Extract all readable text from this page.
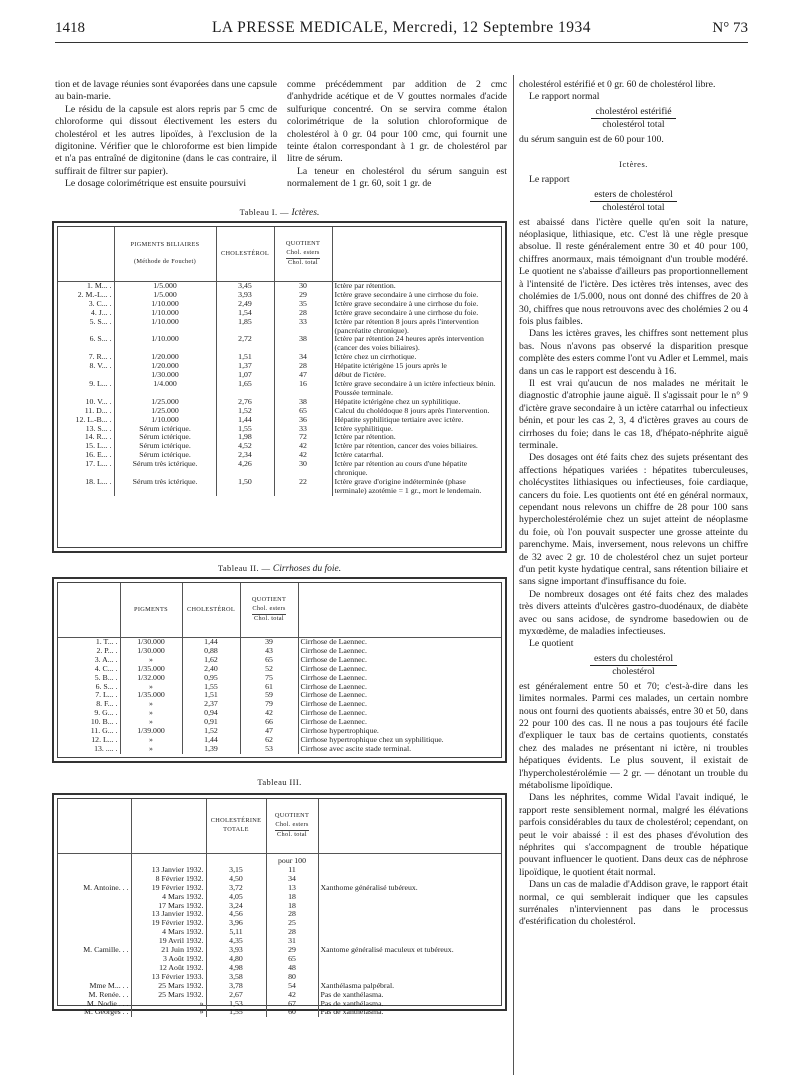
1418	LA PRESSE MEDICALE, Mercredi, 12 Septembre 1934	N° 73

tion et de lavage réunies sont évaporées dans une capsule au bain-marie.

Le résidu de la capsule est alors repris par 5 cmc de chloroforme qui dissout électivement les esters du cholestérol et les autres lipoïdes, à l'exclusion de la digitonine. Vérifier que le chloroforme est bien limpide et n'a pas entraîné de digitonine (dans le cas contraire, il suffirait de filtrer sur papier).

Le dosage colorimétrique est ensuite poursuivi

comme précédemment par addition de 2 cmc d'anhydride acétique et de V gouttes normales d'acide sulfurique concentré. On se servira comme étalon colorimétrique de la solution chloroformique de cholestérol à 0 gr. 04 pour 100 cmc, qui fournit une teinte étalon correspondant à 1 gr. de cholestérol par litre de sérum.

La teneur en cholestérol du sérum sanguin est normalement de 1 gr. 60, soit 1 gr. de

Tableau I. — Ictères.
	PIGMENTS BILIAIRES

(Méthode de Fouchet)	CHOLESTÉROL	QUOTIENT
Chol. esters
Chol. total	
1. M... .	1/5.000	3,45	30	Ictère par rétention.
2. M.-L... .	1/5.000	3,93	29	Ictère grave secondaire à une cirrhose du foie.
3. C... .	1/10.000	2,49	35	Ictère grave secondaire à une cirrhose du foie.
4. J... .	1/10.000	1,54	28	Ictère grave secondaire à une cirrhose du foie.
5. S... .	1/10.000	1,85	33	Ictère par rétention 8 jours après l'intervention (pancréatite chronique).
6. S... .	1/10.000	2,72	38	Ictère par rétention 24 heures après intervention (cancer des voies biliaires).
7. R... .	1/20.000	1,51	34	Ictère chez un cirrhotique.
8. V... .	1/20.000	1,37	28	Hépatite ictérigène 15 jours après le
	1/30.000	1,07	47	début de l'ictère.
9. L... .	1/4.000	1,65	16	Ictère grave secondaire à un ictère infectieux bénin. Poussée terminale.
10. V... .	1/25.000	2,76	38	Hépatite ictérigène chez un syphilitique.
11. D... .	1/25.000	1,52	65	Calcul du cholédoque 8 jours après l'intervention.
12. L.-B... .	1/10.000	1,44	36	Hépatite syphilitique tertiaire avec ictère.
13. S... .	Sérum ictérique.	1,55	33	Ictère syphilitique.
14. R... .	Sérum ictérique.	1,98	72	Ictère par rétention.
15. L... .	Sérum ictérique.	4,52	42	Ictère par rétention, cancer des voies biliaires.
16. E... .	Sérum ictérique.	2,34	42	Ictère catarrhal.
17. L... .	Sérum très ictérique.	4,26	30	Ictère par rétention au cours d'une hépatite chronique.
18. L... .	Sérum très ictérique.	1,50	22	Ictère grave d'origine indéterminée (phase terminale) azotémie = 1 gr., mort le lendemain.
Tableau II. — Cirrhoses du foie.
	PIGMENTS	CHOLESTÉROL	QUOTIENT
Chol. esters
Chol. total	
1. T... .	1/30.000	1,44	39	Cirrhose de Laennec.
2. P... .	1/30.000	0,88	43	Cirrhose de Laennec.
3. A... .	»	1,62	65	Cirrhose de Laennec.
4. C... .	1/35.000	2,40	52	Cirrhose de Laennec.
5. B... .	1/32.000	0,95	75	Cirrhose de Laennec.
6. S... .	»	1,55	61	Cirrhose de Laennec.
7. L... .	1/35.000	1,51	59	Cirrhose de Laennec.
8. F... .	»	2,37	79	Cirrhose de Laennec.
9. G... .	»	0,94	42	Cirrhose de Laennec.
10. B... .	»	0,91	66	Cirrhose de Laennec.
11. G... .	1/39.000	1,52	47	Cirrhose hypertrophique.
12. L... .	»	1,44	62	Cirrhose hypertrophique chez un syphilitique.
13. .... .	»	1,39	53	Cirrhose avec ascite stade terminal.
Tableau III.
		CHOLESTÉRINE
TOTALE	QUOTIENT
Chol. esters
Chol. total	
			pour 100	
	13 Janvier 1932.	3,15	11	
	8 Février 1932.	4,50	34	
M. Antoine. . .	19 Février 1932.	3,72	13	Xanthome généralisé tubéreux.
	4 Mars 1932.	4,05	18	
	17 Mars 1932.	3,24	18	
	13 Janvier 1932.	4,56	28	
	19 Février 1932.	3,96	25	
	4 Mars 1932.	5,11	28	
	19 Avril 1932.	4,35	31	
M. Camille. . .	21 Juin 1932.	3,93	29	Xantome généralisé maculeux et tubéreux.
	3 Août 1932.	4,80	65	
	12 Août 1932.	4,98	48	
	13 Février 1933.	3,58	80	
Mme M... . .	25 Mars 1932.	3,78	54	Xanthélasma palpébral.
M. Renée. . .	25 Mars 1932.	2,67	42	Pas de xanthélasma.
M. Nodie . . .	»	1,53	67	Pas de xanthélasma.
M. Georges . .	»	1,55	60	Pas de xanthélasma.

cholestérol estérifié et 0 gr. 60 de cholestérol libre.

Le rapport normal

cholestérol estérifié
cholestérol total

du sérum sanguin est de 60 pour 100.

Ictères.

Le rapport

esters de cholestérol
cholestérol total

est abaissé dans l'ictère quelle qu'en soit la nature, néoplasique, lithiasique, etc. C'est là une règle presque absolue. Il reste généralement entre 30 et 40 pour 100, chiffres anormaux, mais témoignant d'un trouble modéré. Le quotient ne s'abaisse d'ailleurs pas proportionnellement à l'intensité de l'ictère. Des ictères très intenses, avec des cholémies de 1/5.000, nous ont donné des chiffres de 20 à 30, chiffres que nous retrouvons avec des cholémies 2 ou 4 fois plus faibles.

Dans les ictères graves, les chiffres sont nettement plus bas. Nous n'avons pas observé la disparition presque complète des esters comme l'ont vu Adler et Lemmel, mais dans un cas le rapport est descendu à 16.

Il est vrai qu'aucun de nos malades ne méritait le diagnostic d'atrophie jaune aiguë. Il s'agissait pour le n° 9 d'ictère grave secondaire à un ictère catarrhal ou infectieux bénin, et pour les cas 2, 3, 4 d'ictères graves au cours de cirrhoses du foie; dans le cas 18, d'hépato-néphrite aiguë terminale.

Des dosages ont été faits chez des sujets présentant des affections hépatiques variées : hépatites tuberculeuses, cholécystites lithiasiques ou infectieuses, foie cardiaque, cancers du foie. Les quotients ont été en général normaux, cependant nous relevons un chiffre de 28 pour 100 sans hypercholestérolémie chez un sujet atteint de néoplasme du foie, où l'on pouvait suspecter une grosse atteinte du parenchyme. Mais, inversement, nous relevons un chiffre de 32 avec 2 gr. 10 de cholestérol chez un sujet porteur d'un petit kyste hydatique central, sans rétention biliaire et sans signe important d'insuffisance du foie.

De nombreux dosages ont été faits chez des malades très divers atteints d'ulcères gastro-duodénaux, de diabète avec ou sans acidose, de syndrome basedowien ou de myxœdème, de maladies infectieuses.

Le quotient

esters du cholestérol
cholestérol

est généralement entre 50 et 70; c'est-à-dire dans les limites normales. Parmi ces malades, un certain nombre nous ont fourni des quotients abaissés, entre 30 et 50, dans 22 pour 100 des cas. Il ne nous a pas toujours été facile d'expliquer le taux bas de certains quotients, constatés chez des malades ne présentant ni ictère, ni troubles hépatiques évidents. Le plus souvent, il existait de l'hypercholestérolémie — 2 gr. — dénotant un trouble du métabolisme lipoïdique.

Dans les néphrites, comme Widal l'avait indiqué, le rapport reste sensiblement normal, malgré les élévations parfois considérables du taux de cholestérol; cependant, on peut le voir abaissé : il est des phases d'évolution des néphrites qui s'accompagnent de trouble hépatique pouvant influencer le quotient. Dans deux cas de néphrose lipoïdique, le quotient était normal.

Dans un cas de maladie d'Addison grave, le rapport était normal, ce qui semblerait indiquer que les capsules surrénales n'interviennent pas dans le processus d'estérification du cholestérol.
